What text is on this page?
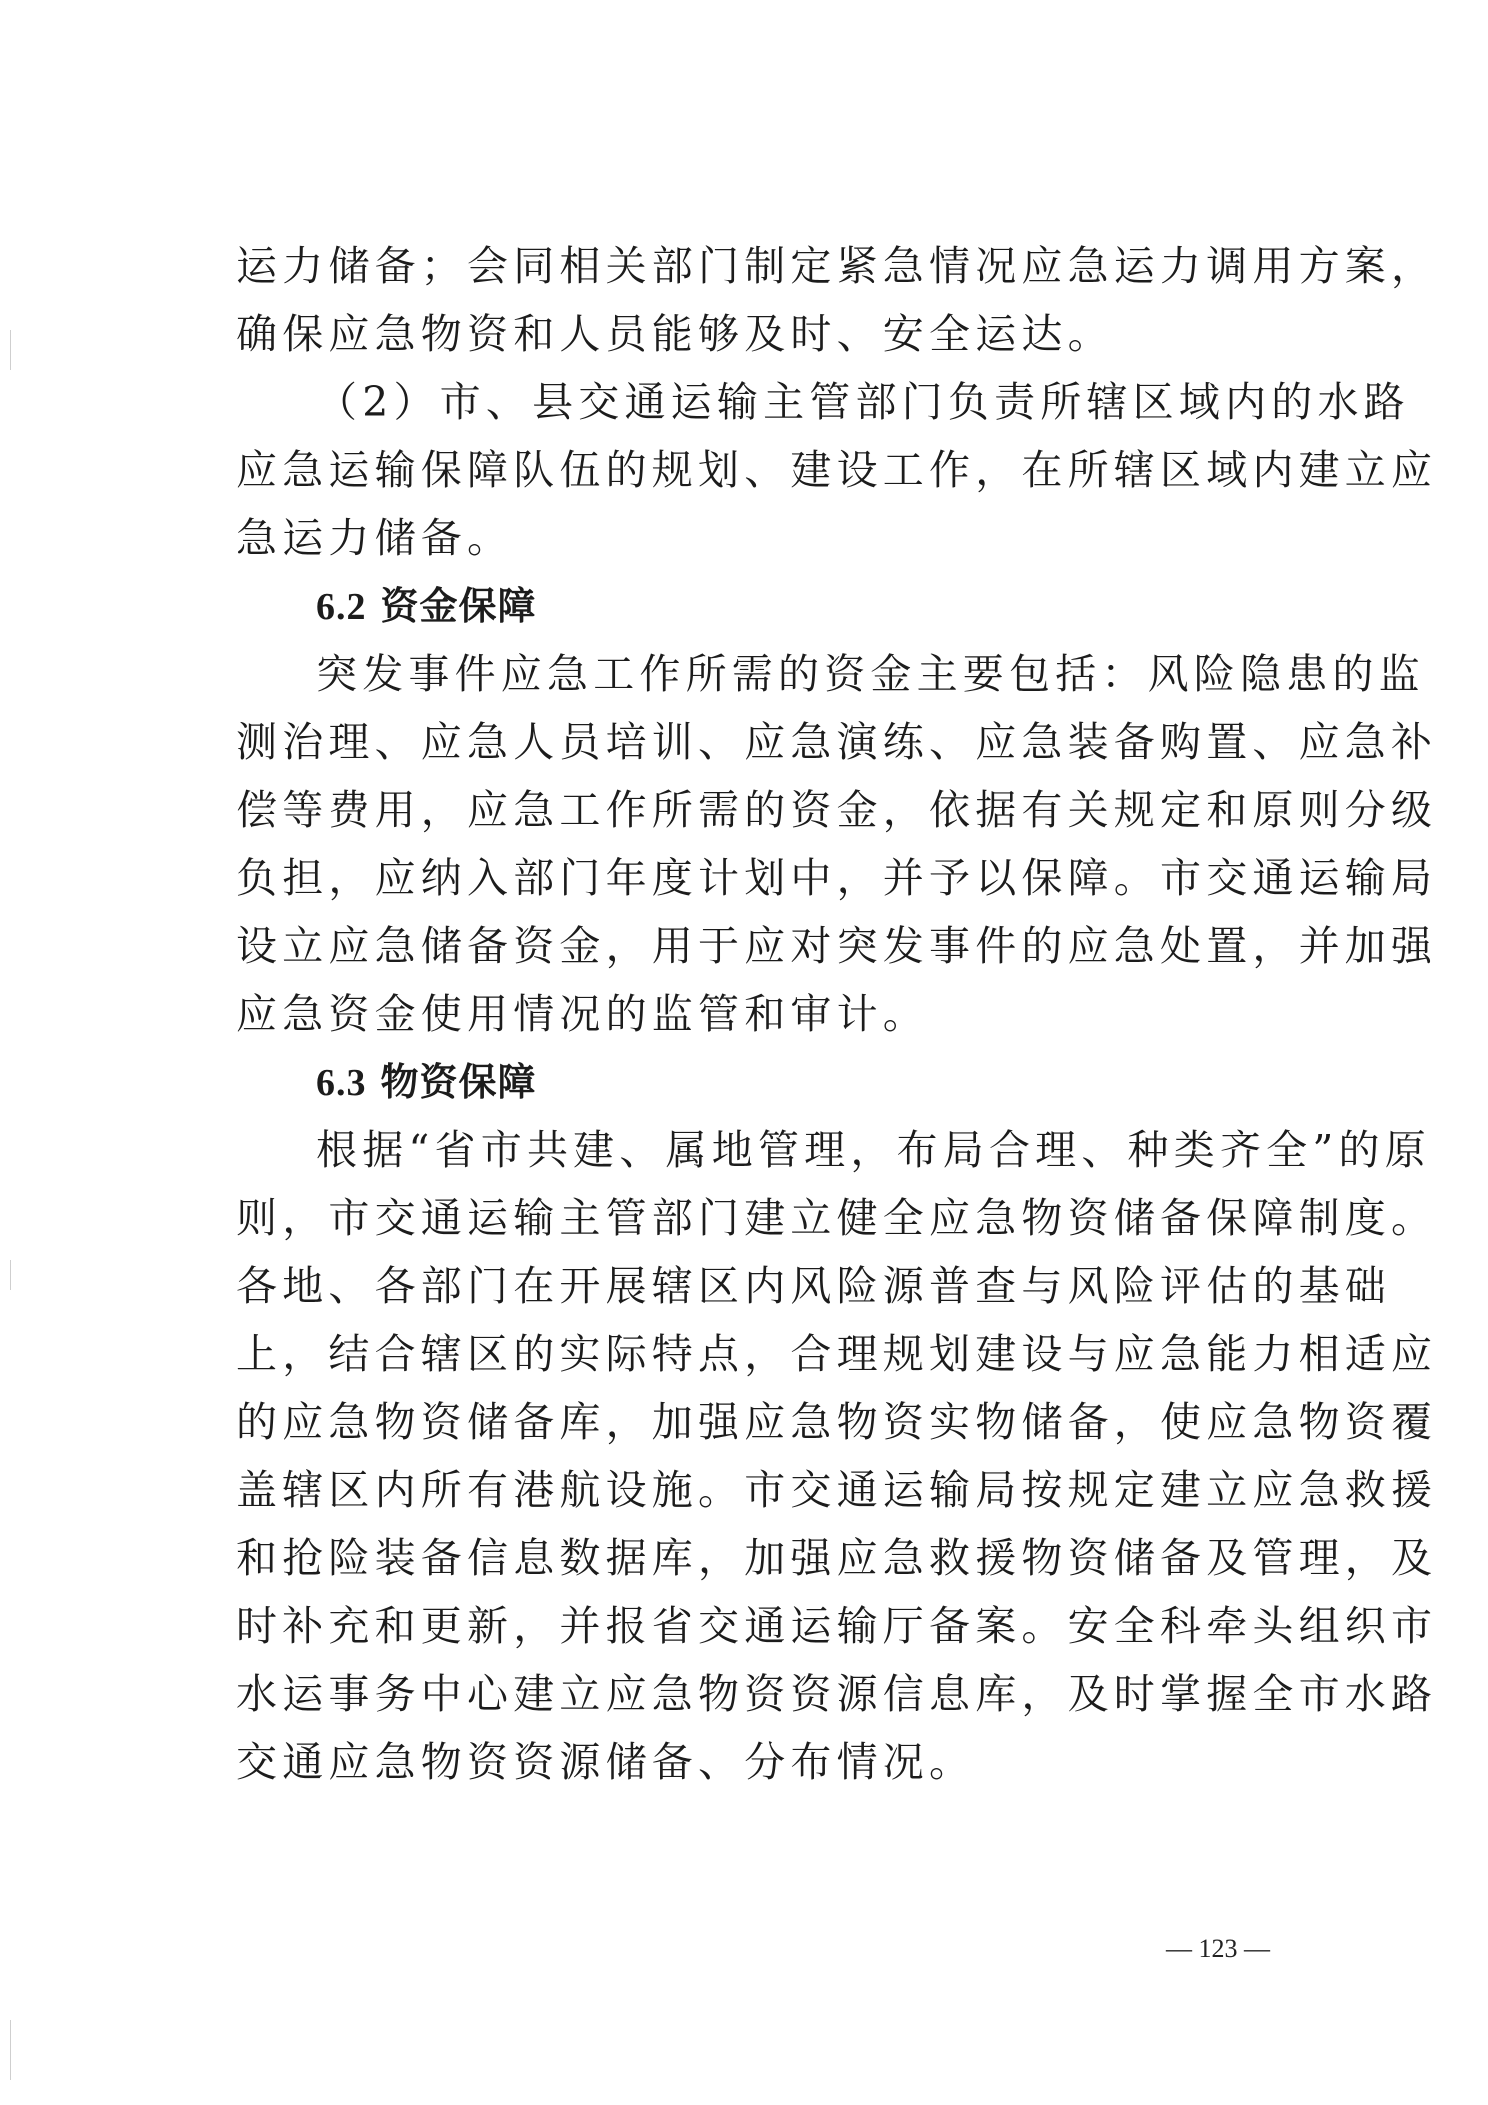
运力储备；会同相关部门制定紧急情况应急运力调用方案，
确保应急物资和人员能够及时、安全运达。
（2）市、县交通运输主管部门负责所辖区域内的水路
应急运输保障队伍的规划、建设工作，在所辖区域内建立应
急运力储备。
6.2 资金保障
突发事件应急工作所需的资金主要包括：风险隐患的监
测治理、应急人员培训、应急演练、应急装备购置、应急补
偿等费用，应急工作所需的资金，依据有关规定和原则分级
负担，应纳入部门年度计划中，并予以保障。市交通运输局
设立应急储备资金，用于应对突发事件的应急处置，并加强
应急资金使用情况的监管和审计。
6.3 物资保障
根据“省市共建、属地管理，布局合理、种类齐全”的原
则，市交通运输主管部门建立健全应急物资储备保障制度。
各地、各部门在开展辖区内风险源普查与风险评估的基础
上，结合辖区的实际特点，合理规划建设与应急能力相适应
的应急物资储备库，加强应急物资实物储备，使应急物资覆
盖辖区内所有港航设施。市交通运输局按规定建立应急救援
和抢险装备信息数据库，加强应急救援物资储备及管理，及
时补充和更新，并报省交通运输厅备案。安全科牵头组织市
水运事务中心建立应急物资资源信息库，及时掌握全市水路
交通应急物资资源储备、分布情况。
— 123 —
